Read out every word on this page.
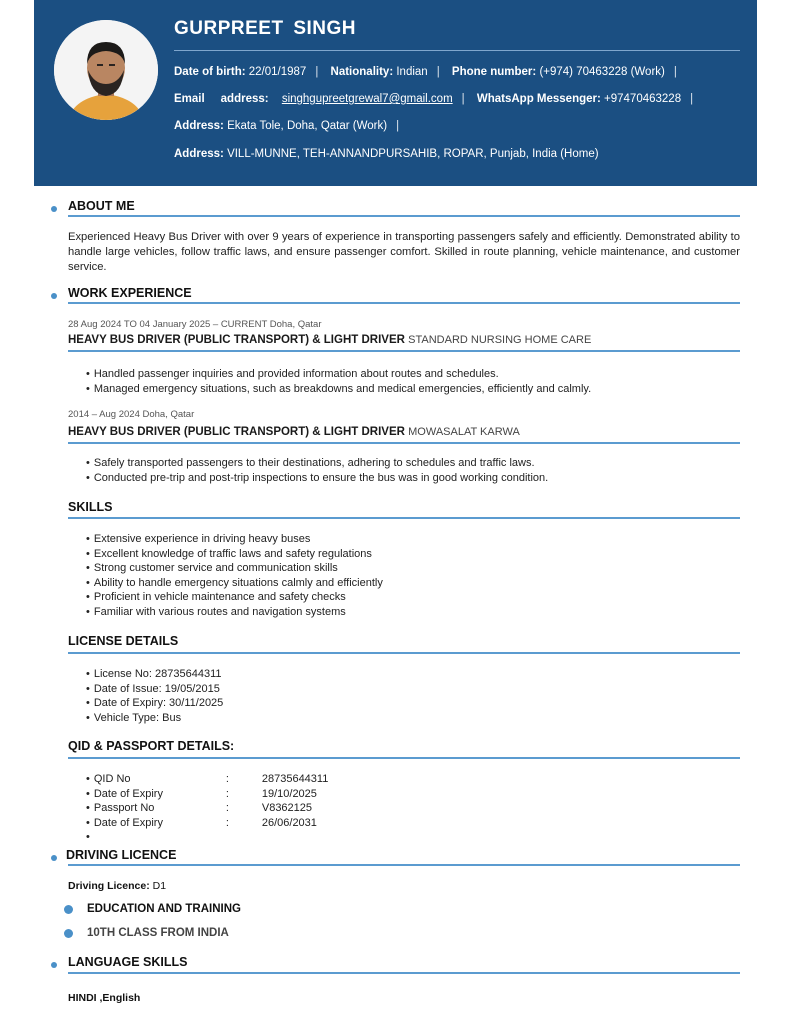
GURPREET SINGH
Date of birth: 22/01/1987 | Nationality: Indian | Phone number: (+974) 70463228 (Work) |
Email     address: singhgupreetgrewal7@gmail.com | WhatsApp Messenger: +97470463228 |
Address: Ekata Tole, Doha, Qatar (Work) |
Address: VILL-MUNNE, TEH-ANNANDPURSAHIB, ROPAR, Punjab, India (Home)
ABOUT ME
Experienced Heavy Bus Driver with over 9 years of experience in transporting passengers safely and efficiently. Demonstrated ability to handle large vehicles, follow traffic laws, and ensure passenger comfort. Skilled in route planning, vehicle maintenance, and customer service.
WORK EXPERIENCE
28 Aug 2024 TO 04 January 2025 – CURRENT Doha, Qatar
HEAVY BUS DRIVER (PUBLIC TRANSPORT) & LIGHT DRIVER STANDARD NURSING HOME CARE
• Handled passenger inquiries and provided information about routes and schedules.
• Managed emergency situations, such as breakdowns and medical emergencies, efficiently and calmly.
2014 – Aug 2024 Doha, Qatar
HEAVY BUS DRIVER (PUBLIC TRANSPORT) & LIGHT DRIVER MOWASALAT KARWA
• Safely transported passengers to their destinations, adhering to schedules and traffic laws.
• Conducted pre-trip and post-trip inspections to ensure the bus was in good working condition.
SKILLS
• Extensive experience in driving heavy buses
• Excellent knowledge of traffic laws and safety regulations
• Strong customer service and communication skills
• Ability to handle emergency situations calmly and efficiently
• Proficient in vehicle maintenance and safety checks
• Familiar with various routes and navigation systems
LICENSE DETAILS
• License No: 28735644311
• Date of Issue: 19/05/2015
• Date of Expiry: 30/11/2025
• Vehicle Type: Bus
QID & PASSPORT DETAILS:
• QID No	:	28735644311
• Date of Expiry	:	19/10/2025
• Passport No	:	V8362125
• Date of Expiry	:	26/06/2031
•
DRIVING LICENCE
Driving Licence: D1
EDUCATION AND TRAINING
10TH CLASS FROM INDIA
LANGUAGE SKILLS
HINDI ,English
